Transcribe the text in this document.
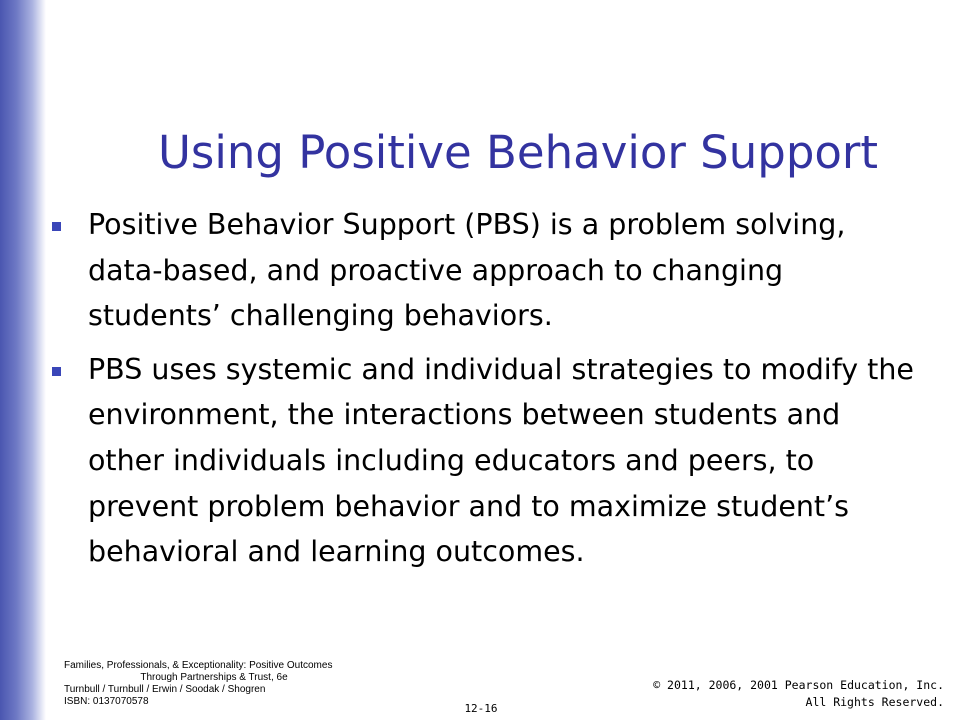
Using Positive Behavior Support
Positive Behavior Support (PBS) is a problem solving, data-based, and proactive approach to changing students’ challenging behaviors.
PBS uses systemic and individual strategies to modify the environment, the interactions between students and other individuals including educators and peers, to prevent problem behavior and to maximize student’s behavioral and learning outcomes.
Families, Professionals, & Exceptionality: Positive Outcomes
Through Partnerships & Trust, 6e
Turnbull / Turnbull / Erwin / Soodak / Shogren
ISBN: 0137070578
12-16
© 2011, 2006, 2001 Pearson Education, Inc.
All Rights Reserved.
